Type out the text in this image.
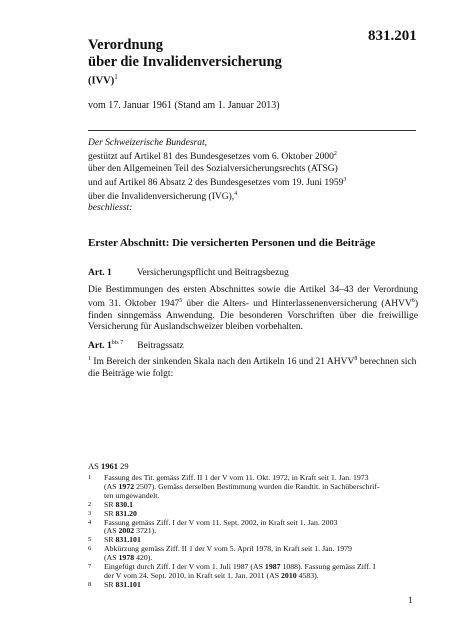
831.201
Verordnung
über die Invalidenversicherung
(IVV)$^1$
vom 17. Januar 1961 (Stand am 1. Januar 2013)
Der Schweizerische Bundesrat,
gestützt auf Artikel 81 des Bundesgesetzes vom 6. Oktober 2000$^2$
über den Allgemeinen Teil des Sozialversicherungsrechts (ATSG)
und auf Artikel 86 Absatz 2 des Bundesgesetzes vom 19. Juni 1959$^3$
über die Invalidenversicherung (IVG),$^4$
beschliesst:
Erster Abschnitt: Die versicherten Personen und die Beiträge
Art. 1	Versicherungspflicht und Beitragsbezug
Die Bestimmungen des ersten Abschnittes sowie die Artikel 34–43 der Verordnung vom 31. Oktober 1947$^5$ über die Alters- und Hinterlassenenversicherung (AHVV$^6$) finden sinngemäss Anwendung. Die besonderen Vorschriften über die freiwillige Versicherung für Auslandschweizer bleiben vorbehalten.
Art. $1^{bis 7}$ Beitragssatz
$^1$ Im Bereich der sinkenden Skala nach den Artikeln 16 und 21 AHVV$^8$ berechnen sich die Beiträge wie folgt:
AS 1961 29
1	Fassung des Tit. gemäss Ziff. II 1 der V vom 11. Okt. 1972, in Kraft seit 1. Jan. 1973
(AS 1972 2507). Gemäss derselben Bestimmung wurden die Randtit. in Sachüberschrif-
ten umgewandelt.
2	SR 830.1
3	SR 831.20
4	Fassung gemäss Ziff. I der V vom 11. Sept. 2002, in Kraft seit 1. Jan. 2003
(AS 2002 3721).
5	SR 831.101
6	Abkürzung gemäss Ziff. II 1 der V vom 5. April 1978, in Kraft seit 1. Jan. 1979
(AS 1978 420).
7	Eingefügt durch Ziff. I der V vom 1. Juli 1987 (AS 1987 1088). Fassung gemäss Ziff. I
der V vom 24. Sept. 2010, in Kraft seit 1. Jan. 2011 (AS 2010 4583).
8	SR 831.101
1
